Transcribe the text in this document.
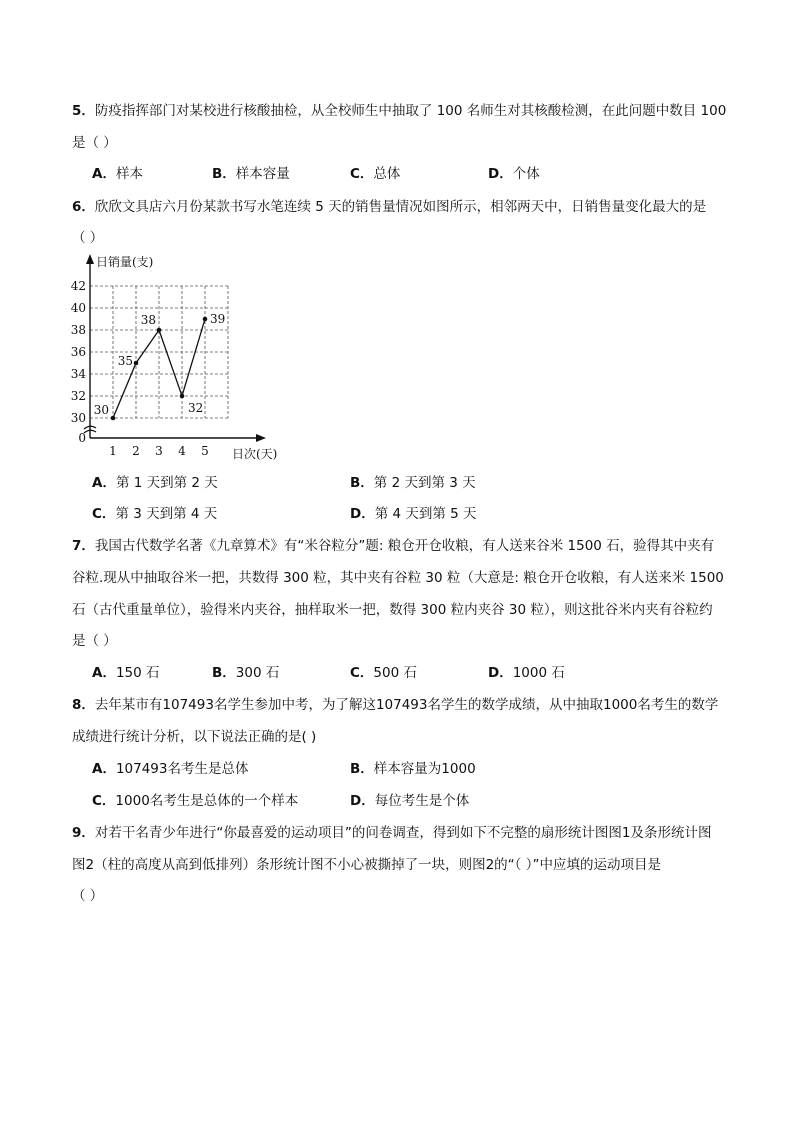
5．防疫指挥部门对某校进行核酸抽检，从全校师生中抽取了 100 名师生对其核酸检测，在此问题中数目 100
是（ ）
A．样本	B．样本容量	C．总体	D．个体
6．欣欣文具店六月份某款书写水笔连续 5 天的销售量情况如图所示，相邻两天中，日销售量变化最大的是
（ ）
日销量(支)
日次(天)
0
30
32
34
36
38
40
42
1 2 3 4 5
30
35
38
32
39
A．第 1 天到第 2 天	B．第 2 天到第 3 天
C．第 3 天到第 4 天	D．第 4 天到第 5 天
7．我国古代数学名著《九章算术》有“米谷粒分”题: 粮仓开仓收粮，有人送来谷米 1500 石，验得其中夹有
谷粒.现从中抽取谷米一把，共数得 300 粒，其中夹有谷粒 30 粒（大意是: 粮仓开仓收粮，有人送来米 1500
石（古代重量单位），验得米内夹谷，抽样取米一把，数得 300 粒内夹谷 30 粒），则这批谷米内夹有谷粒约
是（ ）
A．150 石	B．300 石	C．500 石	D．1000 石
8．去年某市有107493名学生参加中考，为了解这107493名学生的数学成绩，从中抽取1000名考生的数学
成绩进行统计分析，以下说法正确的是( )
A．107493名考生是总体	B．样本容量为1000
C．1000名考生是总体的一个样本	D．每位考生是个体
9．对若干名青少年进行“你最喜爱的运动项目”的问卷调查，得到如下不完整的扇形统计图图1及条形统计图
图2（柱的高度从高到低排列）条形统计图不小心被撕掉了一块，则图2的“（ ）”中应填的运动项目是
（ ）
